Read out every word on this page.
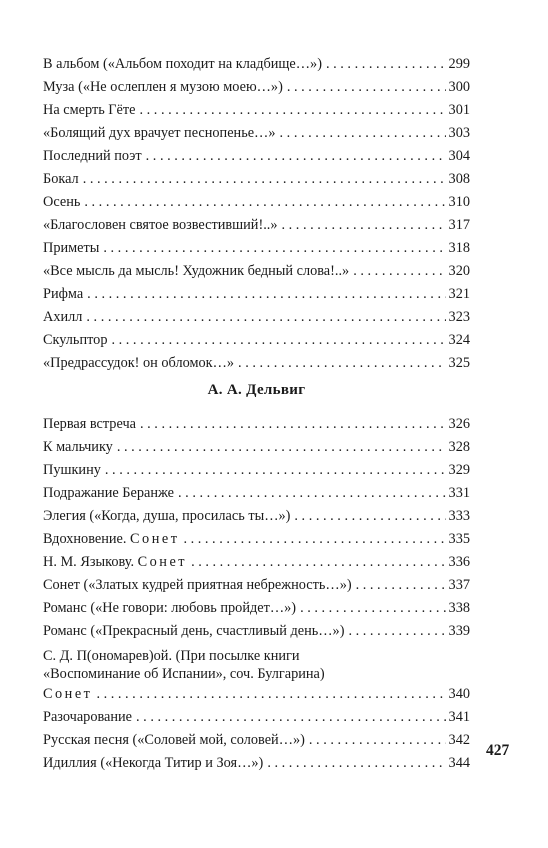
В альбом («Альбом походит на кладбище…») . . .	299
Муза («Не ослеплен я музою моею…») . . .	300
На смерть Гёте . . .	301
«Болящий дух врачует песнопенье…» . . .	303
Последний поэт . . .	304
Бокал . . .	308
Осень . . .	310
«Благословен святое возвестивший!..» . . .	317
Приметы . . .	318
«Все мысль да мысль! Художник бедный слова!..» . . .	320
Рифма . . .	321
Ахилл . . .	323
Скульптор . . .	324
«Предрассудок! он обломок…» . . .	325
А. А. Дельвиг
Первая встреча . . .	326
К мальчику . . .	328
Пушкину . . .	329
Подражание Беранже . . .	331
Элегия («Когда, душа, просилась ты…») . . .	333
Вдохновение. Сонет . . .	335
Н. М. Языкову. Сонет . . .	336
Сонет («Златых кудрей приятная небрежность…») . . .	337
Романс («Не говори: любовь пройдет…») . . .	338
Романс («Прекрасный день, счастливый день…») . . .	339
С. Д. П(ономарев)ой. (При посылке книги
«Воспоминание об Испании», соч. Булгарина)
Сонет . . .	340
Разочарование . . .	341
Русская песня («Соловей мой, соловей…») . . .	342
Идиллия («Некогда Титир и Зоя…») . . .	344
427
